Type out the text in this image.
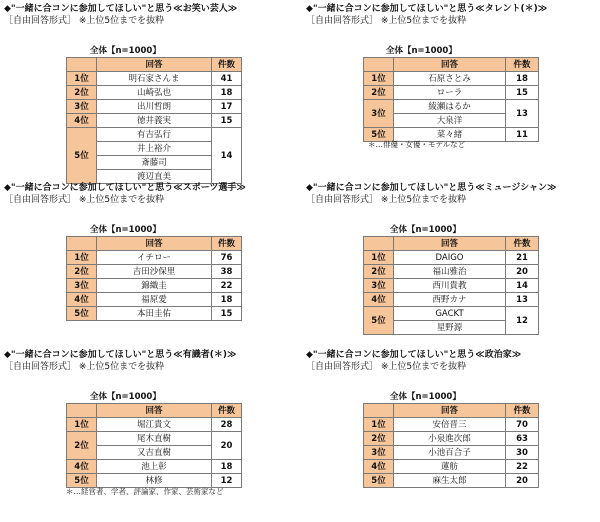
◆"一緒に合コンに参加してほしい"と思う≪お笑い芸人≫
［自由回答形式］ ※上位5位までを抜粋
全体【n=1000】
	回答	件数
1位	明石家さんま	41
2位	山崎弘也	18
3位	出川哲朗	17
4位	徳井義実	15
5位	有吉弘行	14
	井上裕介	
	斎藤司	
	渡辺直美	
◆"一緒に合コンに参加してほしい"と思う≪タレント(＊)≫
［自由回答形式］ ※上位5位までを抜粋
全体【n=1000】
	回答	件数
1位	石原さとみ	18
2位	ローラ	15
3位	綾瀬はるか	13
	大泉洋	
5位	菜々緒	11
＊…俳優・女優・モデルなど
◆"一緒に合コンに参加してほしい"と思う≪スポーツ選手≫
［自由回答形式］ ※上位5位までを抜粋
全体【n=1000】
	回答	件数
1位	イチロー	76
2位	吉田沙保里	38
3位	錦織圭	22
4位	福原愛	18
5位	本田圭佑	15
◆"一緒に合コンに参加してほしい"と思う≪ミュージシャン≫
［自由回答形式］ ※上位5位までを抜粋
全体【n=1000】
	回答	件数
1位	DAIGO	21
2位	福山雅治	20
3位	西川貴教	14
4位	西野カナ	13
5位	GACKT	12
	星野源	
◆"一緒に合コンに参加してほしい"と思う≪有識者(＊)≫
［自由回答形式］ ※上位5位までを抜粋
全体【n=1000】
	回答	件数
1位	堀江貴文	28
2位	尾木直樹	20
	又吉直樹	
4位	池上彰	18
5位	林修	12
＊…経営者、学者、評論家、作家、芸術家など
◆"一緒に合コンに参加してほしい"と思う≪政治家≫
［自由回答形式］ ※上位5位までを抜粋
全体【n=1000】
	回答	件数
1位	安倍晋三	70
2位	小泉進次郎	63
3位	小池百合子	30
4位	蓮舫	22
5位	麻生太郎	20
